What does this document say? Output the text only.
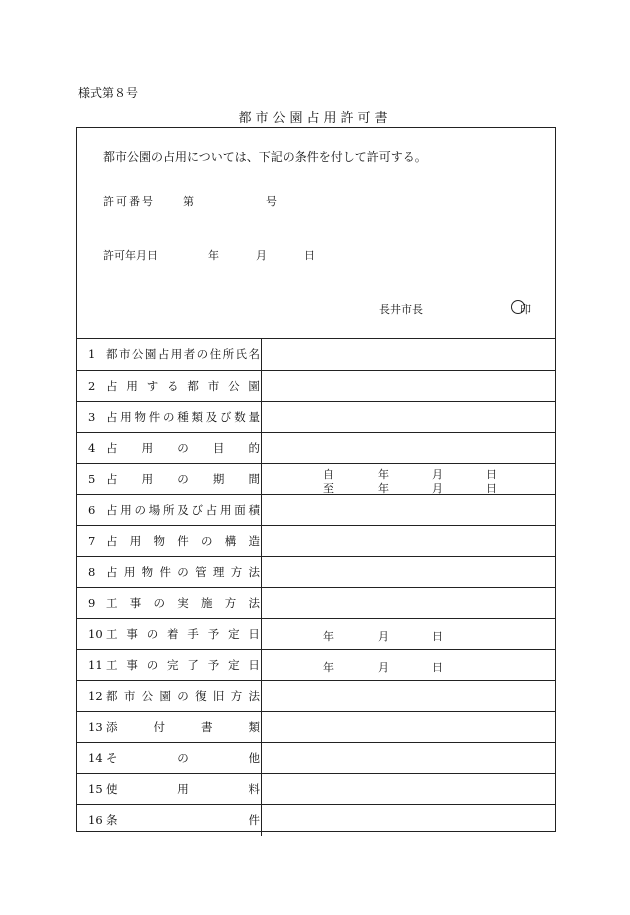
様式第８号
都市公園占用許可書
都市公園の占用については、下記の条件を付して許可する。
許可番号	第	号
許可年月日	年	月	日
長井市長	印
1 都 市 公 園 占 用 者 の 住 所 氏 名
2 占 用 す る 都 市 公 園
3 占 用 物 件 の 種 類 及 び 数 量
4 占 用 の 目 的
5 占 用 の 期 間	自	年	月	日
至	年	月	日
6 占 用 の 場 所 及 び 占 用 面 積
7 占 用 物 件 の 構 造
8 占 用 物 件 の 管 理 方 法
9 工 事 の 実 施 方 法
10 工 事 の 着 手 予 定 日	年	月	日
11 工 事 の 完 了 予 定 日	年	月	日
12 都 市 公 園 の 復 旧 方 法
13 添	付	書	類
14 そ	の	他
15 使	用	料
16 条	件
